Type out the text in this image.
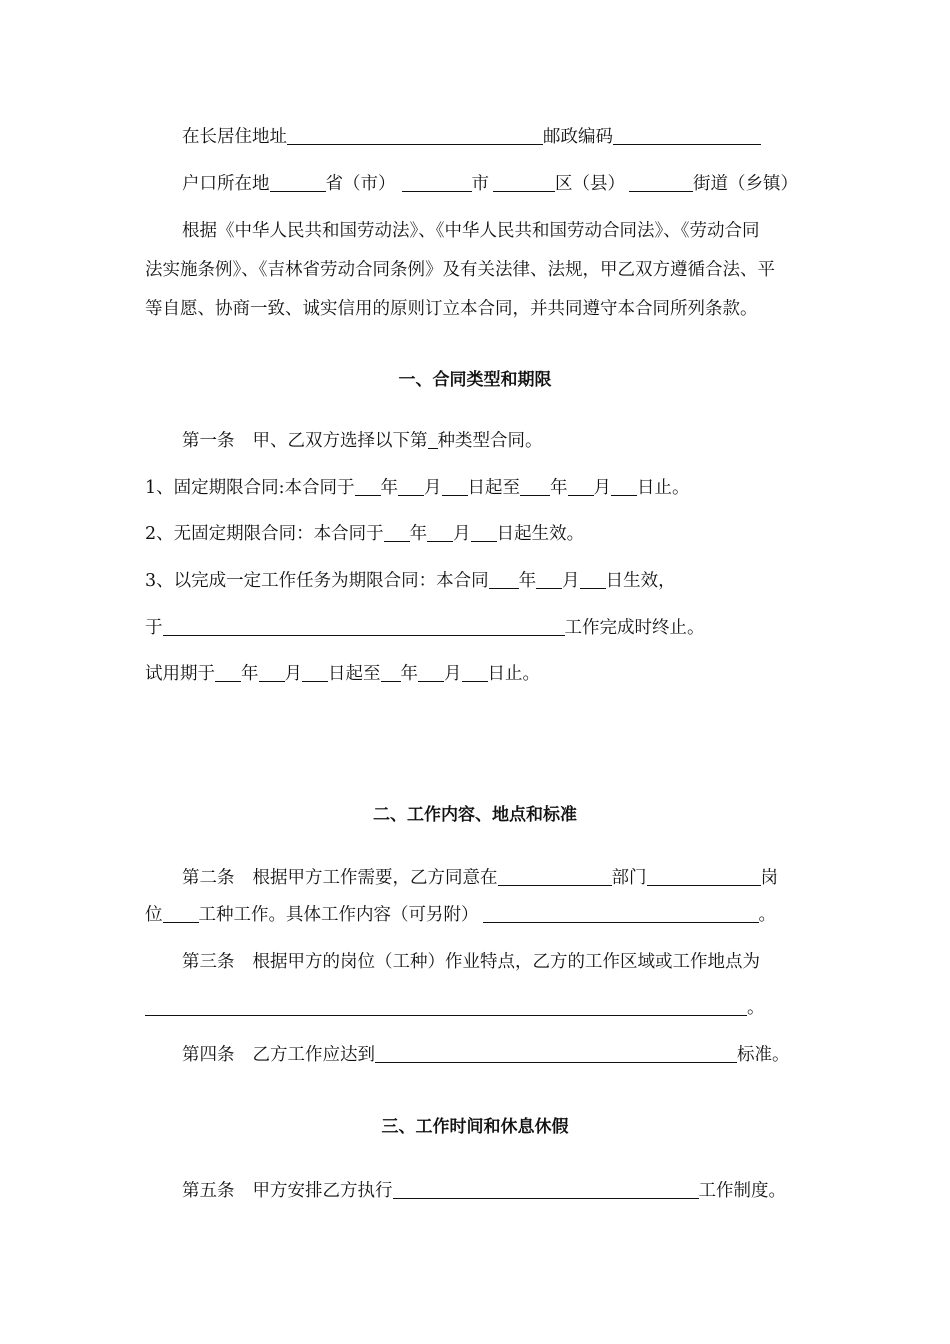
在长居住地址	邮政编码
户口所在地	省（市）	市	区（县）	街道（乡镇）
根据《中华人民共和国劳动法》、《中华人民共和国劳动合同法》、《劳动合同
法实施条例》、《吉林省劳动合同条例》及有关法律、法规，甲乙双方遵循合法、平
等自愿、协商一致、诚实信用的原则订立本合同，并共同遵守本合同所列条款。
一、合同类型和期限
第一条 甲、乙双方选择以下第 种类型合同。
1、固定期限合同:本合同于 年 月 日起至 年 月 日止。
2、无固定期限合同：本合同于 年 月 日起生效。
3、以完成一定工作任务为期限合同：本合同 年 月 日生效，
于	工作完成时终止。
试用期于 年 月 日起至 年 月 日止。
二、工作内容、地点和标准
第二条 根据甲方工作需要，乙方同意在	部门	岗
位 工种工作。具体工作内容（可另附）	。
第三条 根据甲方的岗位（工种）作业特点，乙方的工作区域或工作地点为
。
第四条 乙方工作应达到	标准。
三、工作时间和休息休假
第五条 甲方安排乙方执行	工作制度。
